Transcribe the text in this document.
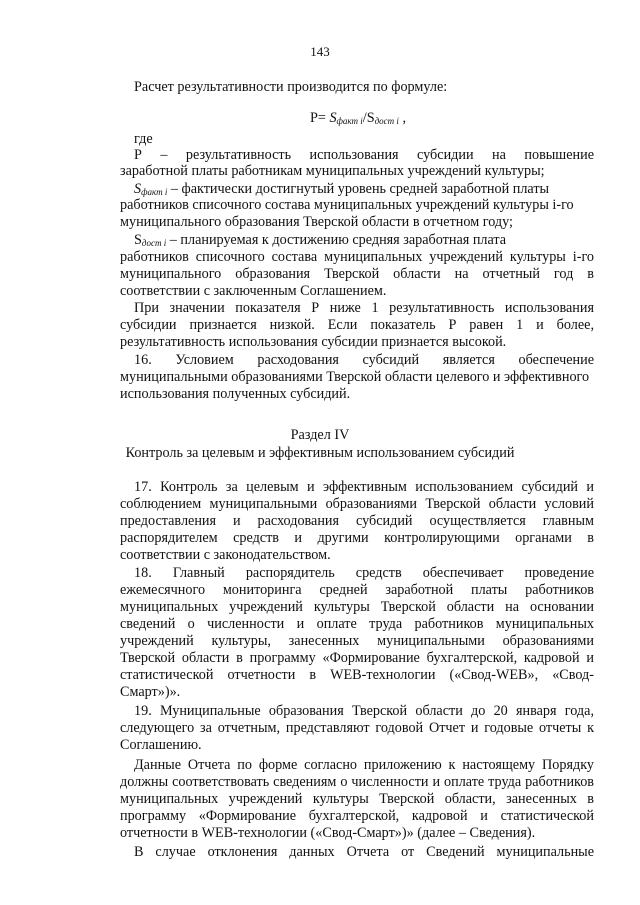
143
Расчет результативности производится по формуле:
$P= S_{факт i}/S_{дост i}$ ,
где
Р – результативность использования субсидии на повышение
заработной платы работникам муниципальных учреждений культуры;
$S_{факт i}$ – фактически достигнутый уровень средней заработной платы
работников списочного состава муниципальных учреждений культуры i-го
муниципального образования Тверской области в отчетном году;
$S_{дост i}$ – планируемая к достижению средняя заработная плата
работников списочного состава муниципальных учреждений культуры i-го
муниципального образования Тверской области на отчетный год в
соответствии с заключенным Соглашением.
При значении показателя Р ниже 1 результативность использования
субсидии признается низкой. Если показатель Р равен 1 и более,
результативность использования субсидии признается высокой.
16. Условием расходования субсидий является обеспечение
муниципальными образованиями Тверской области целевого и эффективного
использования полученных субсидий.
Раздел IV
Контроль за целевым и эффективным использованием субсидий
17. Контроль за целевым и эффективным использованием субсидий и
соблюдением муниципальными образованиями Тверской области условий
предоставления и расходования субсидий осуществляется главным
распорядителем средств и другими контролирующими органами в
соответствии с законодательством.
18. Главный распорядитель средств обеспечивает проведение
ежемесячного мониторинга средней заработной платы работников
муниципальных учреждений культуры Тверской области на основании
сведений о численности и оплате труда работников муниципальных
учреждений культуры, занесенных муниципальными образованиями
Тверской области в программу «Формирование бухгалтерской, кадровой и
статистической отчетности в WEB-технологии («Свод-WEB», «Свод-
Смарт»)».
19. Муниципальные образования Тверской области до 20 января года,
следующего за отчетным, представляют годовой Отчет и годовые отчеты к
Соглашению.
Данные Отчета по форме согласно приложению к настоящему Порядку
должны соответствовать сведениям о численности и оплате труда работников
муниципальных учреждений культуры Тверской области, занесенных в
программу «Формирование бухгалтерской, кадровой и статистической
отчетности в WEB-технологии («Свод-Смарт»)» (далее – Сведения).
В случае отклонения данных Отчета от Сведений муниципальные
